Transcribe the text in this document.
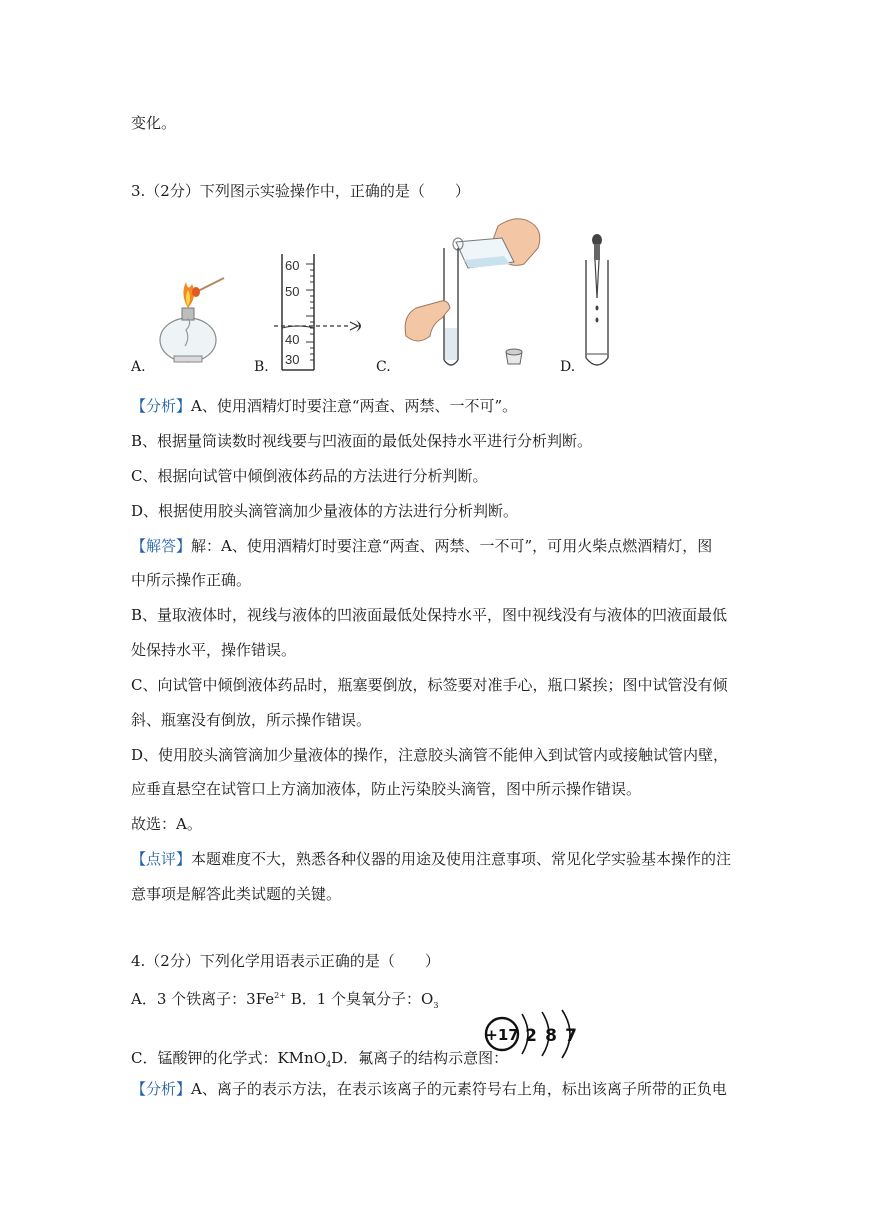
变化。
3.（2分）下列图示实验操作中，正确的是（　　）
A.	B.
60
50
40
30	C.	D.
【分析】A、使用酒精灯时要注意“两查、两禁、一不可”。
B、根据量筒读数时视线要与凹液面的最低处保持水平进行分析判断。
C、根据向试管中倾倒液体药品的方法进行分析判断。
D、根据使用胶头滴管滴加少量液体的方法进行分析判断。
【解答】解：A、使用酒精灯时要注意“两查、两禁、一不可”，可用火柴点燃酒精灯，图
中所示操作正确。
B、量取液体时，视线与液体的凹液面最低处保持水平，图中视线没有与液体的凹液面最低
处保持水平，操作错误。
C、向试管中倾倒液体药品时，瓶塞要倒放，标签要对准手心，瓶口紧挨；图中试管没有倾
斜、瓶塞没有倒放，所示操作错误。
D、使用胶头滴管滴加少量液体的操作，注意胶头滴管不能伸入到试管内或接触试管内壁，
应垂直悬空在试管口上方滴加液体，防止污染胶头滴管，图中所示操作错误。
故选：A。
【点评】本题难度不大，熟悉各种仪器的用途及使用注意事项、常见化学实验基本操作的注
意事项是解答此类试题的关键。
4.（2分）下列化学用语表示正确的是（　　）
A．3 个铁离子：$3Fe^{2+}$ B．1 个臭氧分子：$O_3$
C．锰酸钾的化学式：KMnO$_4$D．氟离子的结构示意图：
+17 2 8 7
【分析】A、离子的表示方法，在表示该离子的元素符号右上角，标出该离子所带的正负电
